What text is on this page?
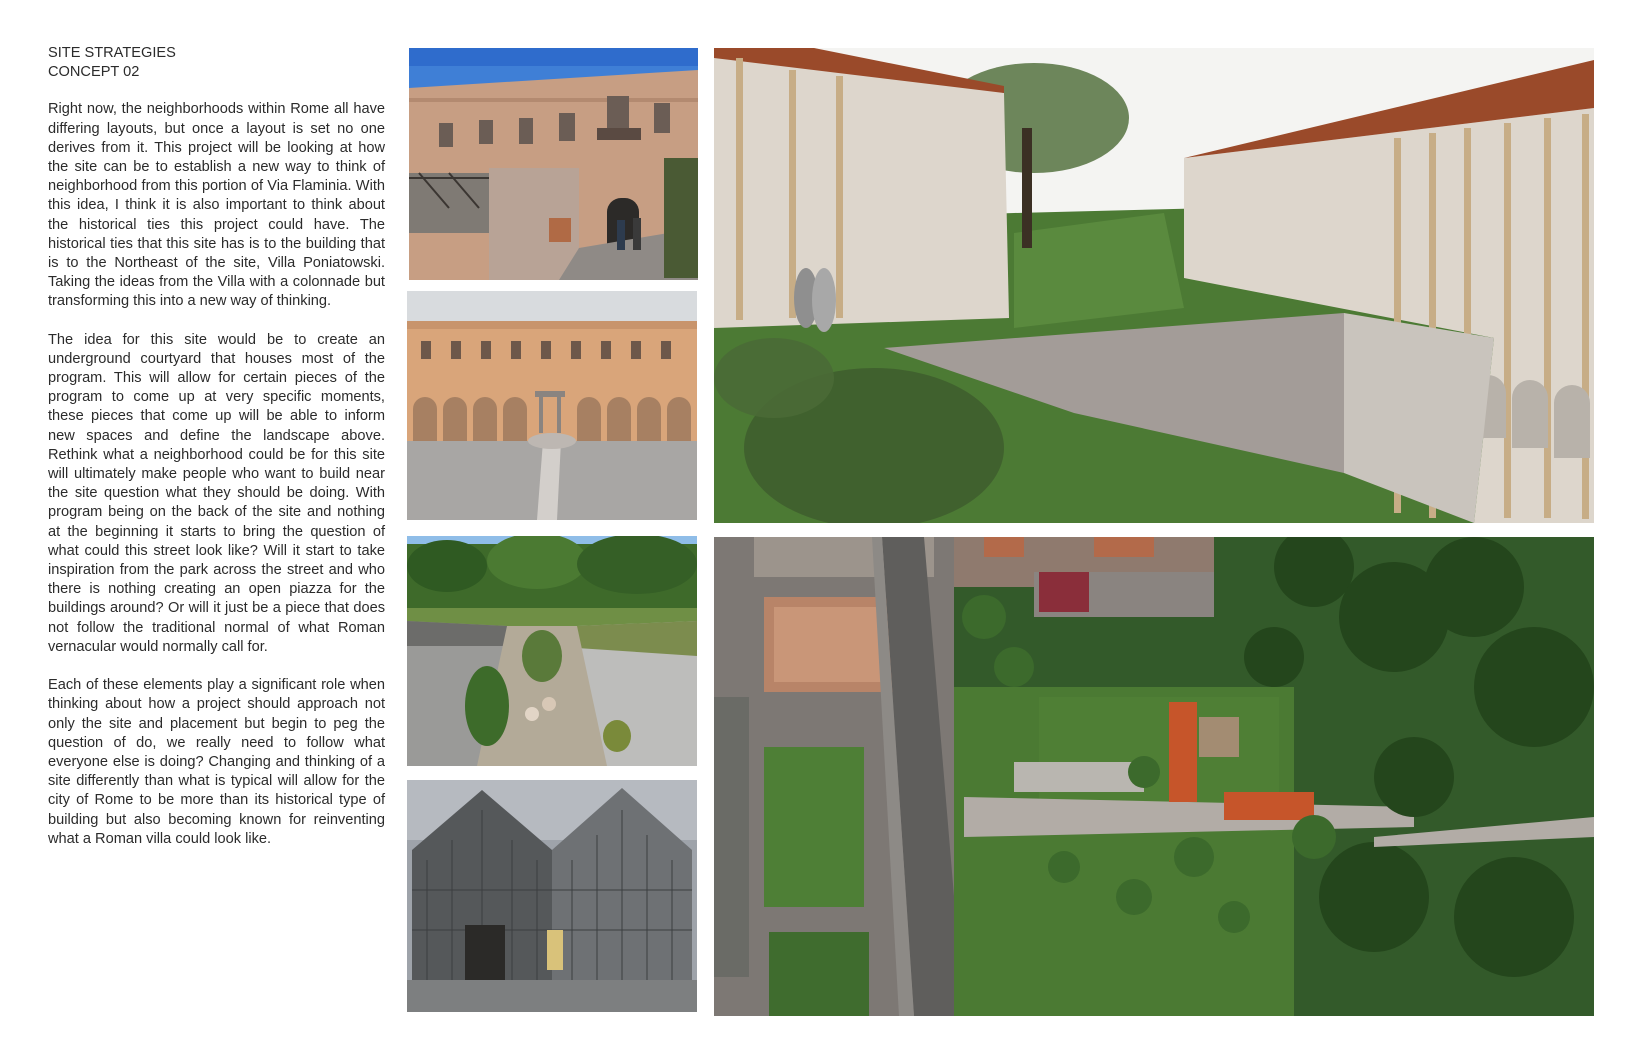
SITE STRATEGIES
CONCEPT 02

Right now, the neighborhoods within Rome all have differing layouts, but once a layout is set no one derives from it. This project will be looking at how the site can be to establish a new way to think of neighborhood from this portion of Via Flaminia. With this idea, I think it is also important to think about the historical ties this project could have. The historical ties that this site has is to the building that is to the Northeast of the site, Villa Poniatowski. Taking the ideas from the Villa with a colonnade but transforming this into a new way of thinking.

The idea for this site would be to create an underground courtyard that houses most of the program. This will allow for certain pieces of the program to come up at very specific moments, these pieces that come up will be able to inform new spaces and define the landscape above. Rethink what a neighborhood could be for this site will ultimately make people who want to build near the site question what they should be doing. With program being on the back of the site and nothing at the beginning it starts to bring the question of what could this street look like? Will it start to take inspiration from the park across the street and who there is nothing creating an open piazza for the buildings around? Or will it just be a piece that does not follow the traditional normal of what Roman vernacular would normally call for.

Each of these elements play a significant role when thinking about how a project should approach not only the site and placement but begin to peg the question of do, we really need to follow what everyone else is doing? Changing and thinking of a site differently than what is typical will allow for the city of Rome to be more than its historical type of building but also becoming known for reinventing what a Roman villa could look like.
